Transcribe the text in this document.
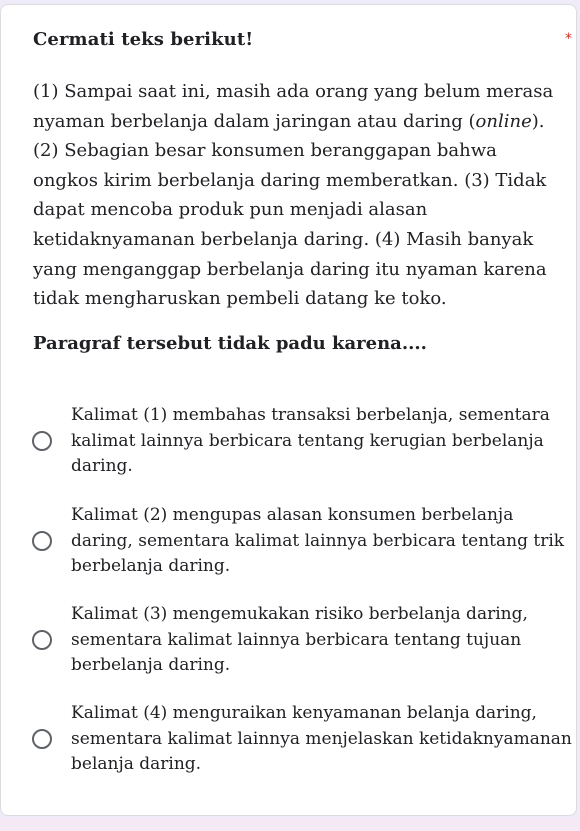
Cermati teks berikut!	*

(1) Sampai saat ini, masih ada orang yang belum merasa

nyaman berbelanja dalam jaringan atau daring (online).

(2) Sebagian besar konsumen beranggapan bahwa

ongkos kirim berbelanja daring memberatkan. (3) Tidak

dapat mencoba produk pun menjadi alasan

ketidaknyamanan berbelanja daring. (4) Masih banyak

yang menganggap berbelanja daring itu nyaman karena

tidak mengharuskan pembeli datang ke toko.

Paragraf tersebut tidak padu karena....
Kalimat (1) membahas transaksi berbelanja, sementara
kalimat lainnya berbicara tentang kerugian berbelanja
daring.
Kalimat (2) mengupas alasan konsumen berbelanja
daring, sementara kalimat lainnya berbicara tentang trik
berbelanja daring.
Kalimat (3) mengemukakan risiko berbelanja daring,
sementara kalimat lainnya berbicara tentang tujuan
berbelanja daring.
Kalimat (4) menguraikan kenyamanan belanja daring,
sementara kalimat lainnya menjelaskan ketidaknyamanan
belanja daring.
